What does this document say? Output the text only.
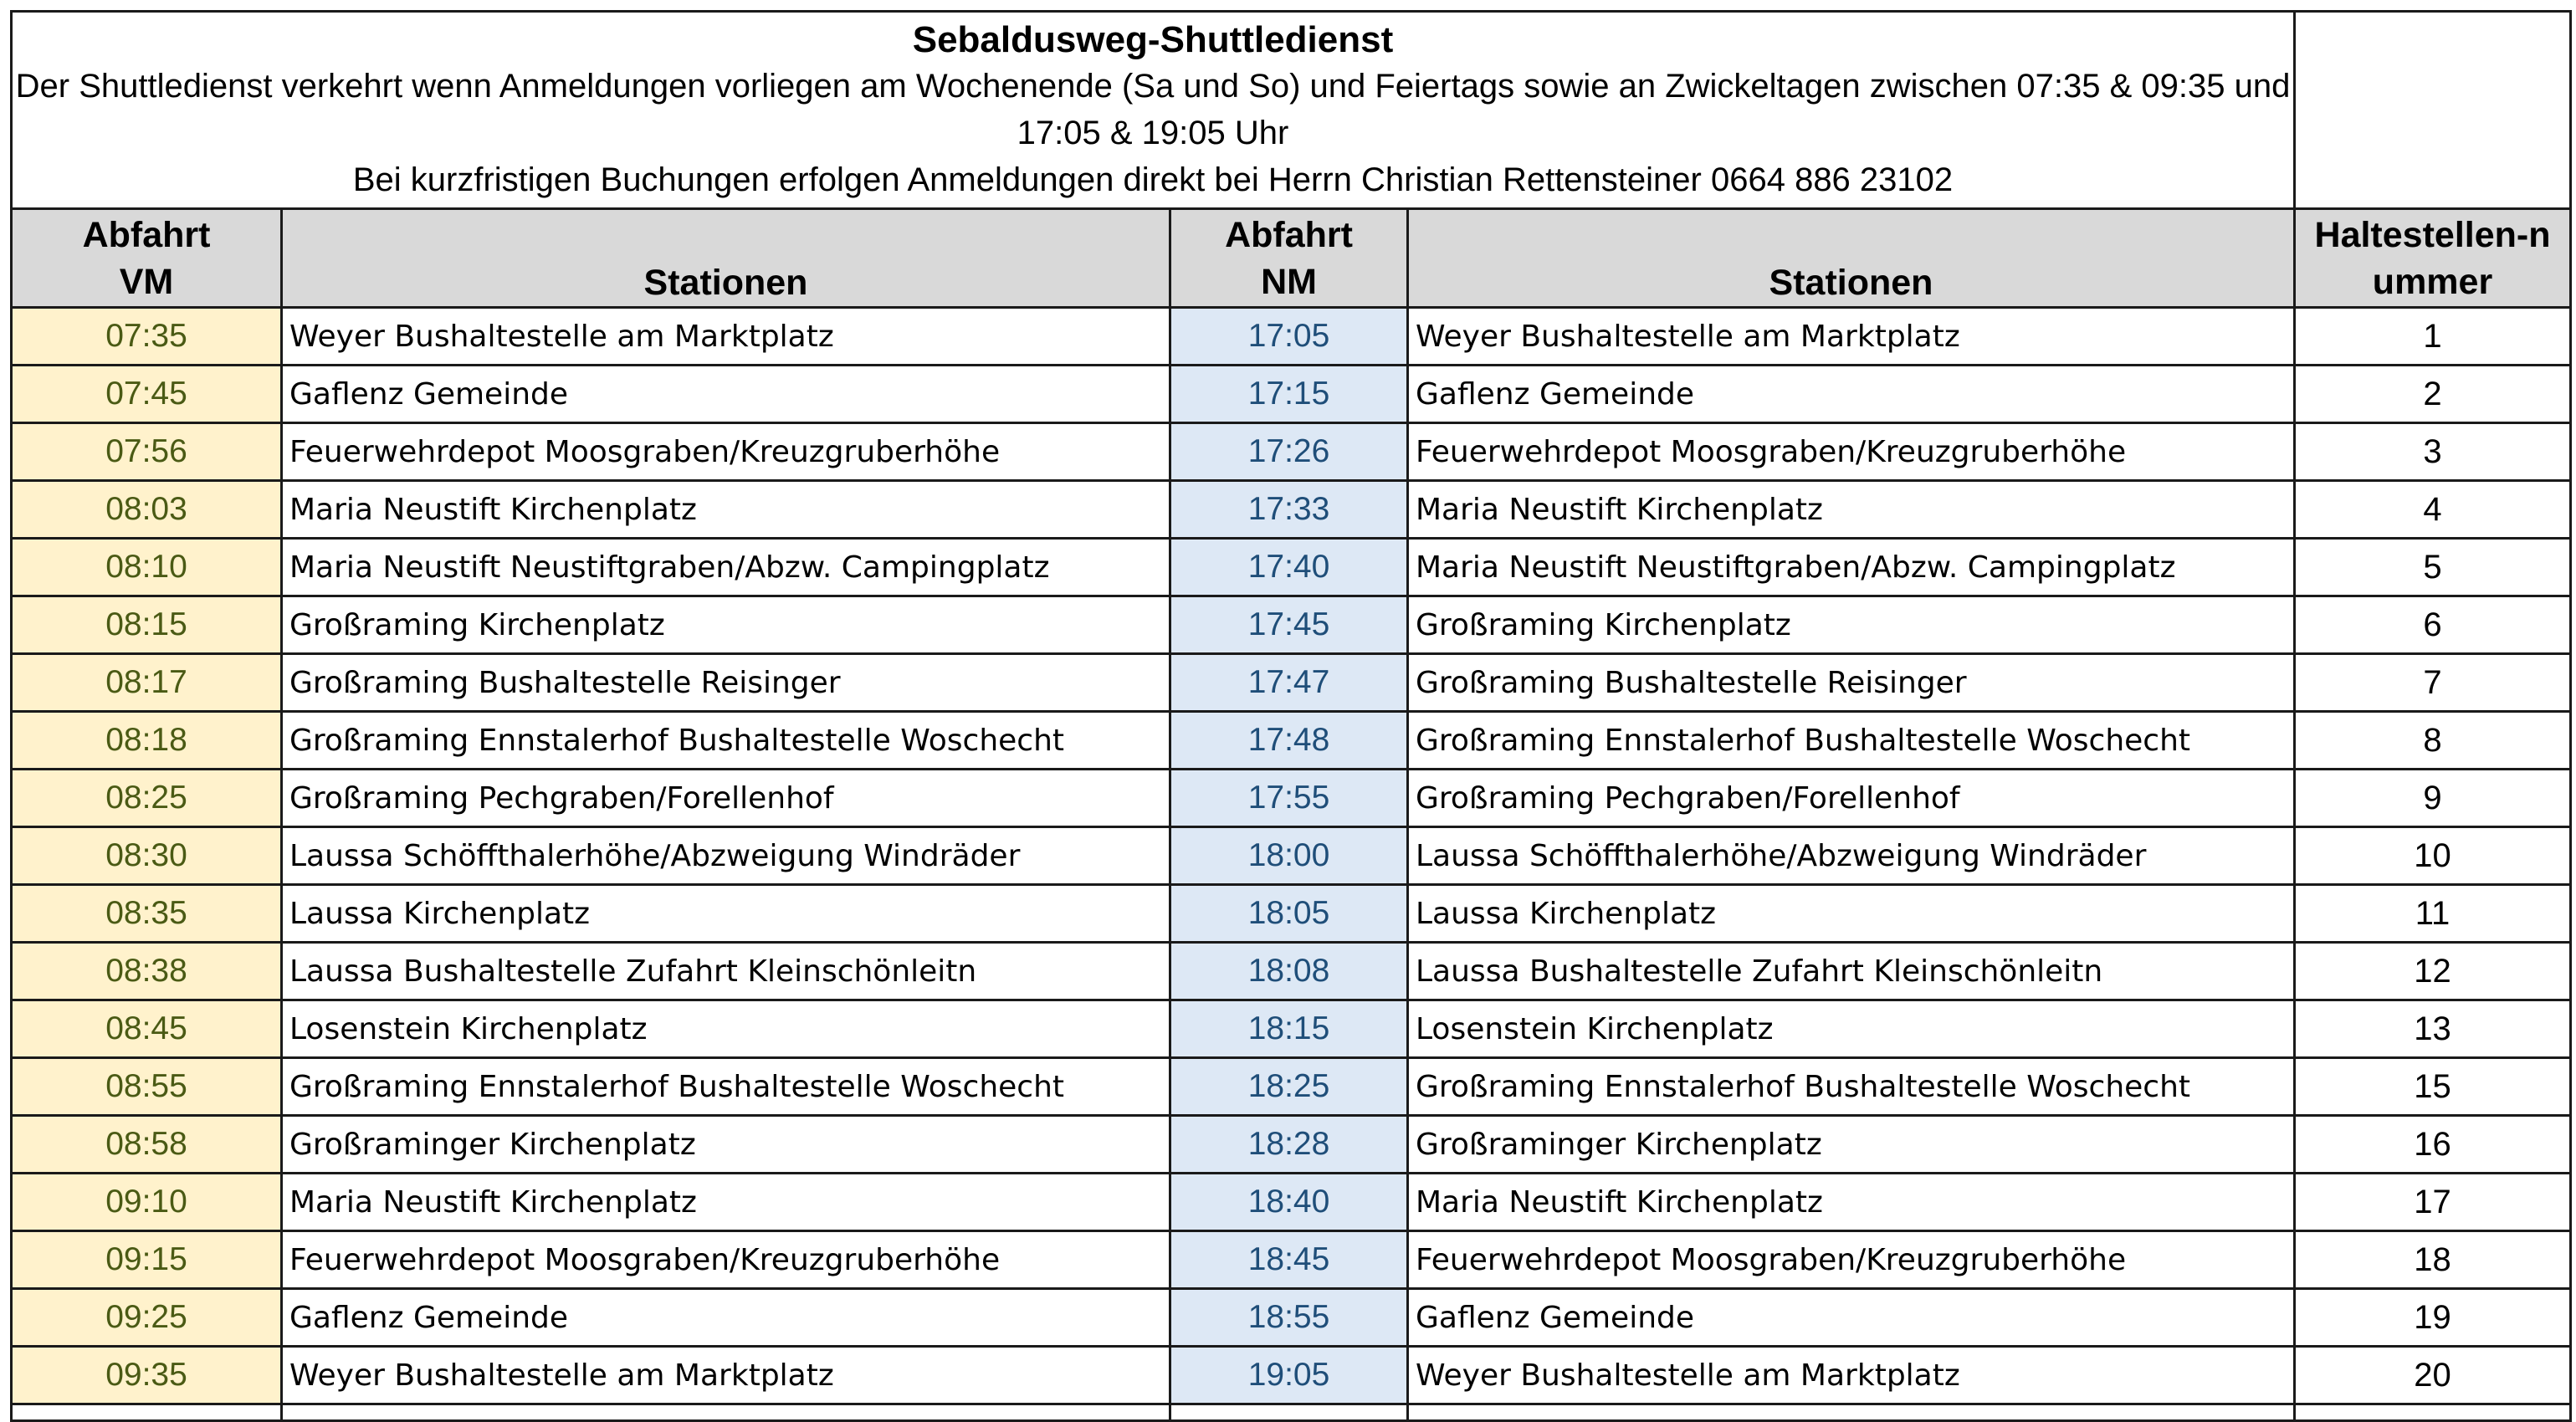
Sebaldusweg-Shuttledienst
Der Shuttledienst verkehrt wenn Anmeldungen vorliegen am Wochenende (Sa und So) und Feiertags sowie an Zwickeltagen zwischen 07:35 & 09:35 und 17:05 & 19:05 Uhr
Bei kurzfristigen Buchungen erfolgen Anmeldungen direkt bei Herrn Christian Rettensteiner 0664 886 23102				

Abfahrt VM	Stationen	Abfahrt NM	Stationen	Haltestellen-nummer
07:35	Weyer Bushaltestelle am Marktplatz	17:05	Weyer Bushaltestelle am Marktplatz	1
07:45	Gaflenz Gemeinde	17:15	Gaflenz Gemeinde	2
07:56	Feuerwehrdepot Moosgraben/Kreuzgruberhöhe	17:26	Feuerwehrdepot Moosgraben/Kreuzgruberhöhe	3
08:03	Maria Neustift Kirchenplatz	17:33	Maria Neustift Kirchenplatz	4
08:10	Maria Neustift Neustiftgraben/Abzw. Campingplatz	17:40	Maria Neustift Neustiftgraben/Abzw. Campingplatz	5
08:15	Großraming Kirchenplatz	17:45	Großraming Kirchenplatz	6
08:17	Großraming Bushaltestelle Reisinger	17:47	Großraming Bushaltestelle Reisinger	7
08:18	Großraming Ennstalerhof Bushaltestelle Woschecht	17:48	Großraming Ennstalerhof Bushaltestelle Woschecht	8
08:25	Großraming Pechgraben/Forellenhof	17:55	Großraming Pechgraben/Forellenhof	9
08:30	Laussa Schöffthalerhöhe/Abzweigung Windräder	18:00	Laussa Schöffthalerhöhe/Abzweigung Windräder	10
08:35	Laussa Kirchenplatz	18:05	Laussa Kirchenplatz	11
08:38	Laussa Bushaltestelle Zufahrt Kleinschönleitn	18:08	Laussa Bushaltestelle Zufahrt Kleinschönleitn	12
08:45	Losenstein Kirchenplatz	18:15	Losenstein Kirchenplatz	13
08:55	Großraming Ennstalerhof Bushaltestelle Woschecht	18:25	Großraming Ennstalerhof Bushaltestelle Woschecht	15
08:58	Großraminger Kirchenplatz	18:28	Großraminger Kirchenplatz	16
09:10	Maria Neustift Kirchenplatz	18:40	Maria Neustift Kirchenplatz	17
09:15	Feuerwehrdepot Moosgraben/Kreuzgruberhöhe	18:45	Feuerwehrdepot Moosgraben/Kreuzgruberhöhe	18
09:25	Gaflenz Gemeinde	18:55	Gaflenz Gemeinde	19
09:35	Weyer Bushaltestelle am Marktplatz	19:05	Weyer Bushaltestelle am Marktplatz	20
